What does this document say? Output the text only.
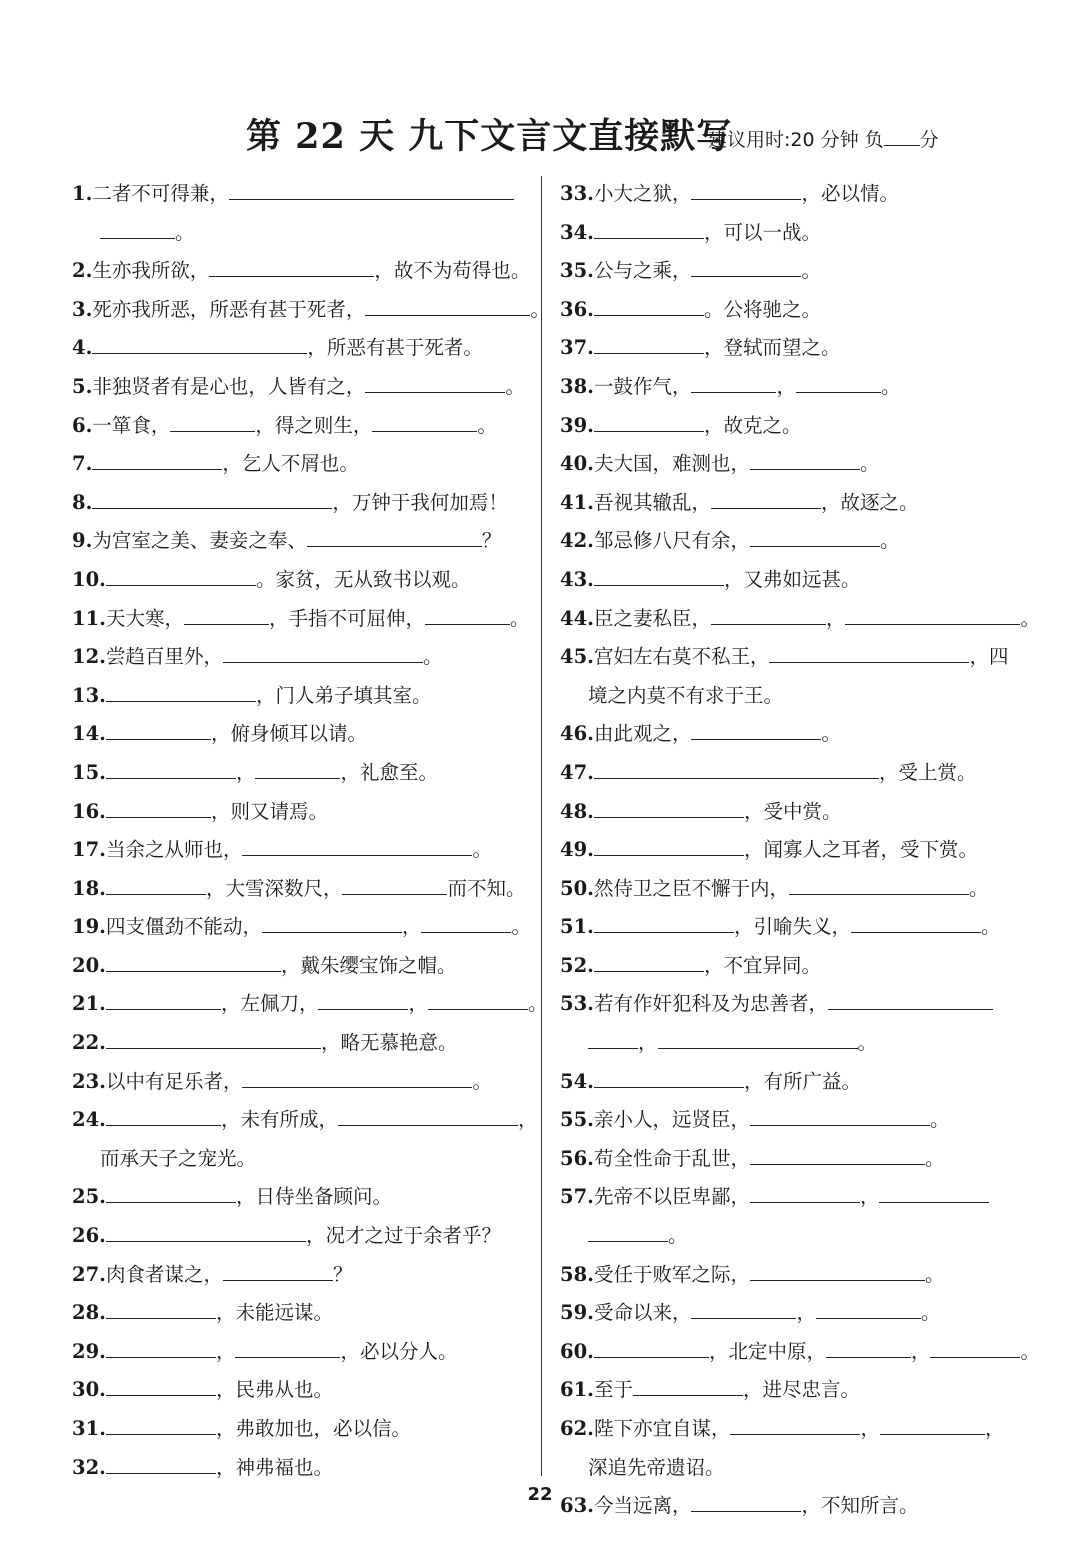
第 22 天 九下文言文直接默写
建议用时:20 分钟 负 分
1.二者不可得兼，
。
2.生亦我所欲，	，故不为苟得也。
3.死亦我所恶，所恶有甚于死者，	。
4.	，所恶有甚于死者。
5.非独贤者有是心也，人皆有之，	。
6.一箪食，	，得之则生，	。
7.	，乞人不屑也。
8.	，万钟于我何加焉！
9.为宫室之美、妻妾之奉、	？
10.	。家贫，无从致书以观。
11.天大寒，	，手指不可屈伸，	。
12.尝趋百里外，	。
13.	，门人弟子填其室。
14.	，俯身倾耳以请。
15.	，	，礼愈至。
16.	，则又请焉。
17.当余之从师也，	。
18.	，大雪深数尺，	而不知。
19.四支僵劲不能动，	，	。
20.	，戴朱缨宝饰之帽。
21.	，左佩刀，	，	。
22.	，略无慕艳意。
23.以中有足乐者，	。
24.	，未有所成，	，
而承天子之宠光。
25.	，日侍坐备顾问。
26.	，况才之过于余者乎？
27.肉食者谋之，	？
28.	，未能远谋。
29.	，	，必以分人。
30.	，民弗从也。
31.	，弗敢加也，必以信。
32.	，神弗福也。
33.小大之狱，	，必以情。
34.	，可以一战。
35.公与之乘，	。
36.	。公将驰之。
37.	，登轼而望之。
38.一鼓作气，	，	。
39.	，故克之。
40.夫大国，难测也，	。
41.吾视其辙乱，	，故逐之。
42.邹忌修八尺有余，	。
43.	，又弗如远甚。
44.臣之妻私臣，	，	。
45.宫妇左右莫不私王，	，四
境之内莫不有求于王。
46.由此观之，	。
47.	，受上赏。
48.	，受中赏。
49.	，闻寡人之耳者，受下赏。
50.然侍卫之臣不懈于内，	。
51.	，引喻失义，	。
52.	，不宜异同。
53.若有作奸犯科及为忠善者，
，	。
54.	，有所广益。
55.亲小人，远贤臣，	。
56.苟全性命于乱世，	。
57.先帝不以臣卑鄙，	，
。
58.受任于败军之际，	。
59.受命以来，	，	。
60.	，北定中原，	，	。
61.至于	，进尽忠言。
62.陛下亦宜自谋，	，	，
深追先帝遗诏。
63.今当远离，	，不知所言。
22
